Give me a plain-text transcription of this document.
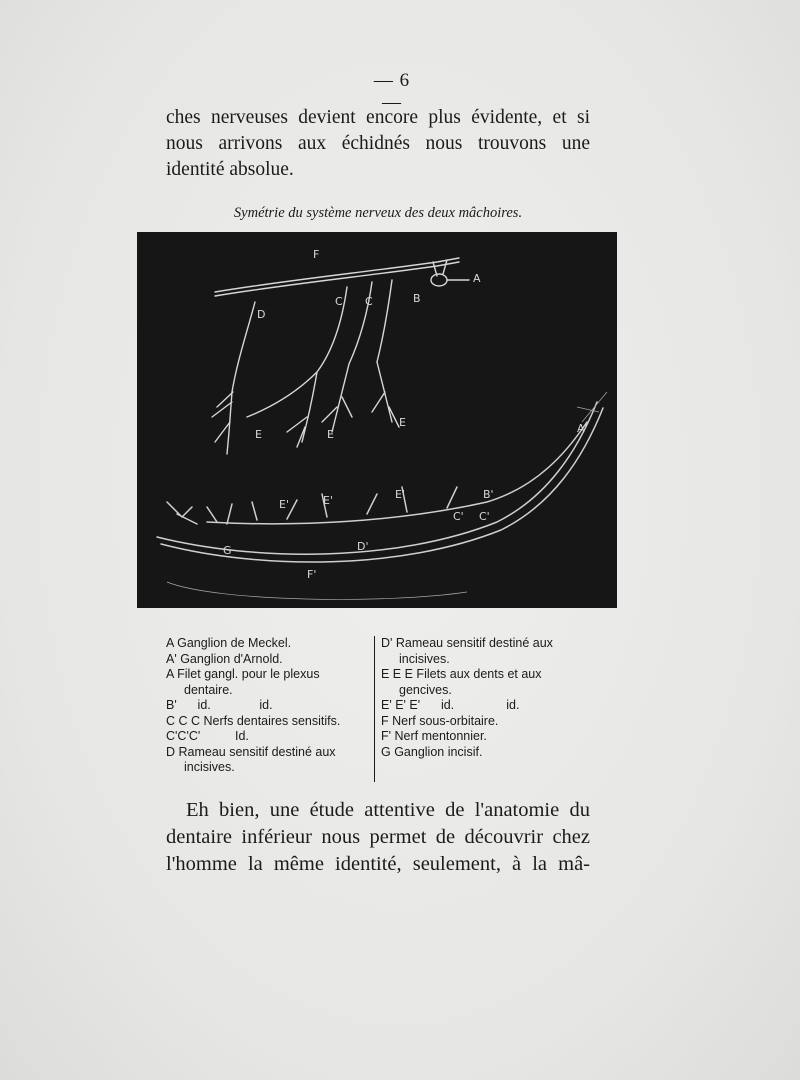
— 6 —
ches nerveuses devient encore plus évidente, et si
nous arrivons aux échidnés nous trouvons une
identité absolue.
Symétrie du système nerveux des deux mâchoires.
F
A
B
C C
D
E	E
E	A'
E'	E'	E'	B'
C' C'
G	D'
F'
A Ganglion de Meckel.
A' Ganglion d'Arnold.
A Filet gangl. pour le plexus
dentaire.
B'      id.              id.
C C C Nerfs dentaires sensitifs.
C'C'C'          Id.
D Rameau sensitif destiné aux
incisives.
D' Rameau sensitif destiné aux
incisives.
E E E Filets aux dents et aux
gencives.
E' E' E'      id.               id.
F Nerf sous-orbitaire.
F' Nerf mentonnier.
G Ganglion incisif.
Eh bien, une étude attentive de l'anatomie du
dentaire inférieur nous permet de découvrir chez
l'homme la même identité, seulement, à la mâ-
